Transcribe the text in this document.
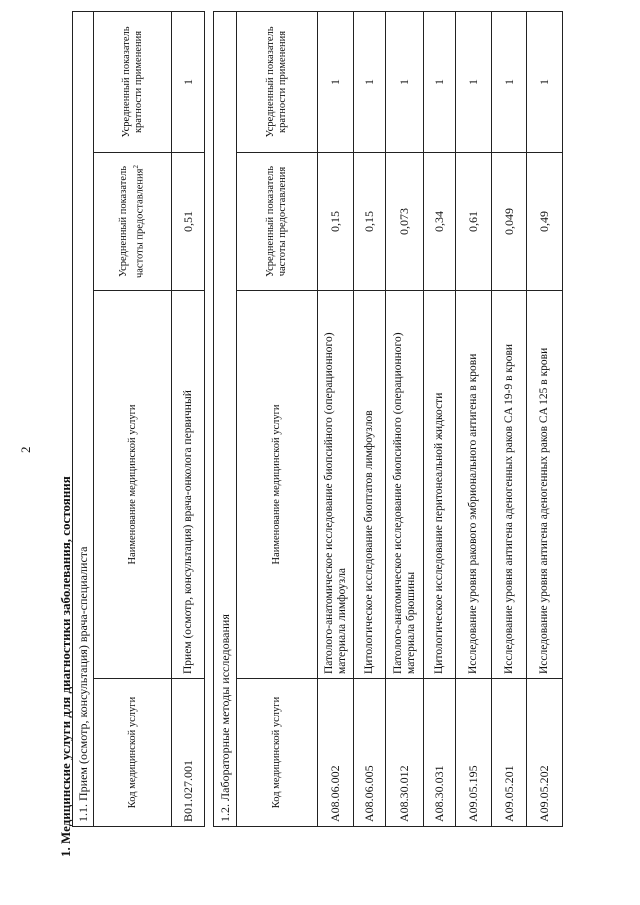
2
1. Медицинские услуги для диагностики заболевания, состояния 1.1. Прием (осмотр, консультация) врача-специалиста			
Код медицинской услуги	Наименование медицинской услуги	Усредненный показатель частоты предоставления$^2$	Усредненный показатель кратности применения
B01.027.001	Прием (осмотр, консультация) врача-онколога первичный	0,51	1
1.2. Лабораторные методы исследования			
Код медицинской услуги	Наименование медицинской услуги	Усредненный показатель частоты предоставления	Усредненный показатель кратности применения
A08.06.002	Патолого-анатомическое исследование биопсийного (операционного) материала лимфоузла	0,15	1
A08.06.005	Цитологическое исследование биоптатов лимфоузлов	0,15	1
A08.30.012	Патолого-анатомическое исследование биопсийного (операционного) материала брюшины	0,073	1
A08.30.031	Цитологическое исследование перитонеальной жидкости	0,34	1
A09.05.195	Исследование уровня ракового эмбрионального антигена в крови	0,61	1
A09.05.201	Исследование уровня антигена аденогенных раков CA 19-9 в крови	0,049	1
A09.05.202	Исследование уровня антигена аденогенных раков CA 125 в крови	0,49	1
